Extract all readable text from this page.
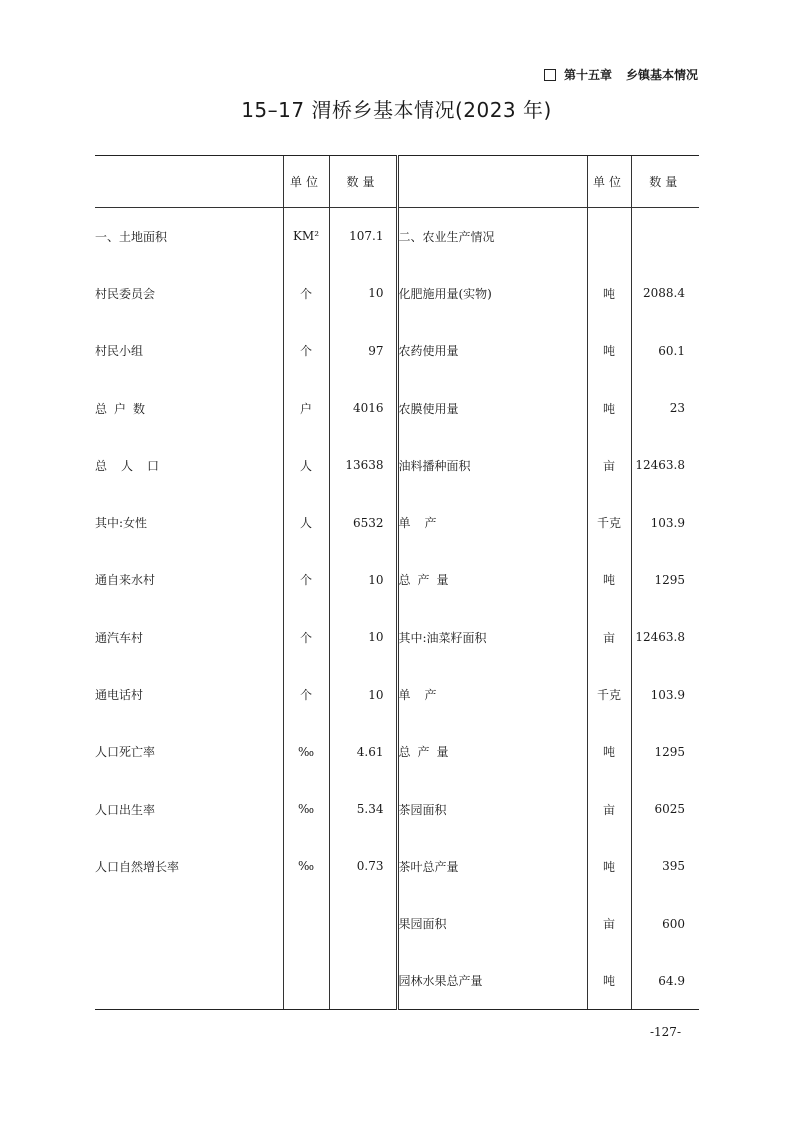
第十五章 乡镇基本情况
15–17 渭桥乡基本情况(2023 年)
	单位	数量		单位	数量
一、土地面积	KM²	107.1	二、农业生产情况		
村民委员会	个	10	化肥施用量(实物)	吨	2088.4
村民小组	个	97	农药使用量	吨	60.1
总户数	户	4016	农膜使用量	吨	23
总人口	人	13638	油料播种面积	亩	12463.8
其中:女性	人	6532	单产	千克	103.9
通自来水村	个	10	总产量	吨	1295
通汽车村	个	10	其中:油菜籽面积	亩	12463.8
通电话村	个	10	单产	千克	103.9
人口死亡率	‰	4.61	总产量	吨	1295
人口出生率	‰	5.34	茶园面积	亩	6025
人口自然增长率	‰	0.73	茶叶总产量	吨	395
			果园面积	亩	600
			园林水果总产量	吨	64.9
-127-
